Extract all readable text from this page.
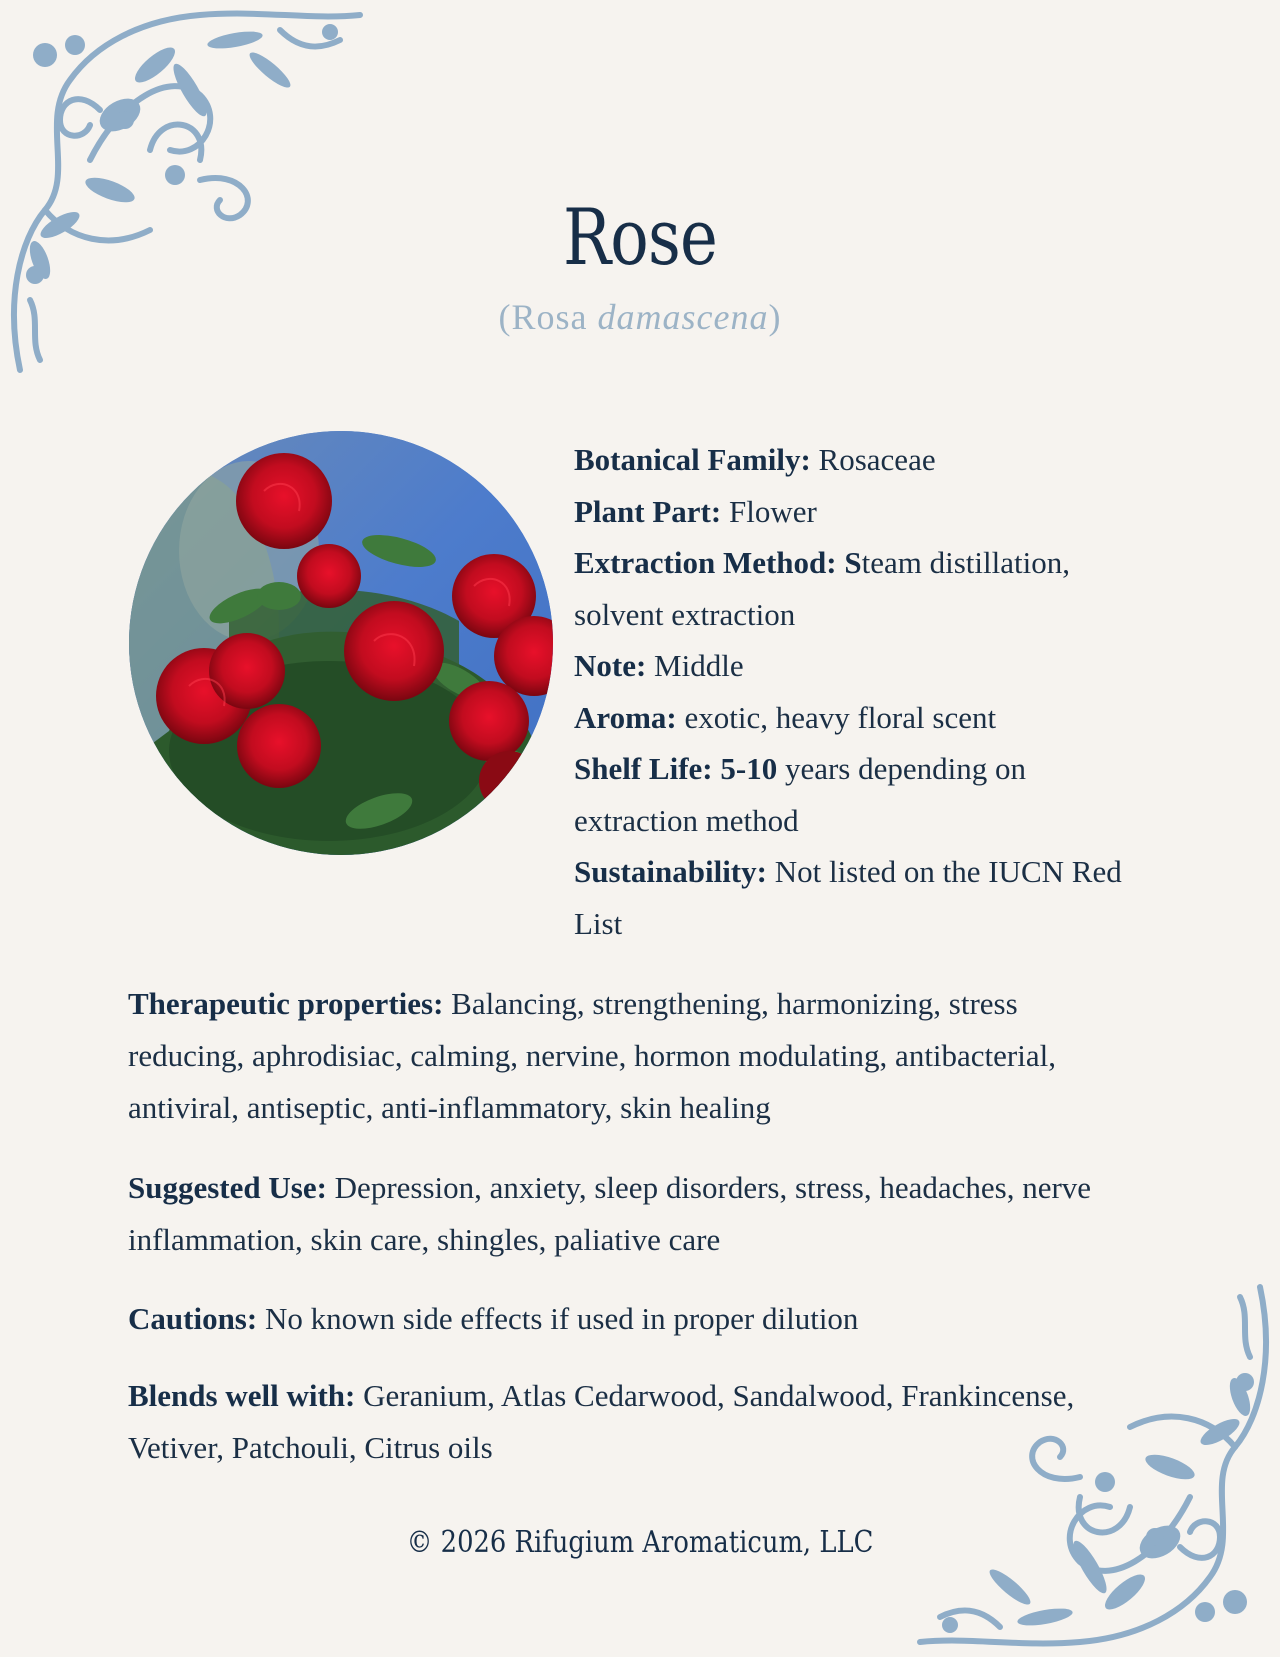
Rose
(Rosa damascena)
Botanical Family: Rosaceae
Plant Part: Flower
Extraction Method: Steam distillation, solvent extraction
Note: Middle
Aroma: exotic, heavy floral scent
Shelf Life: 5-10 years depending on extraction method
Sustainability: Not listed on the IUCN Red List
Therapeutic properties: Balancing, strengthening, harmonizing, stress reducing, aphrodisiac, calming, nervine, hormon modulating, antibacterial, antiviral, antiseptic, anti-inflammatory, skin healing
Suggested Use: Depression, anxiety, sleep disorders, stress, headaches, nerve inflammation, skin care, shingles, paliative care
Cautions: No known side effects if used in proper dilution
Blends well with: Geranium, Atlas Cedarwood, Sandalwood, Frankincense, Vetiver, Patchouli, Citrus oils
© 2026 Rifugium Aromaticum, LLC
